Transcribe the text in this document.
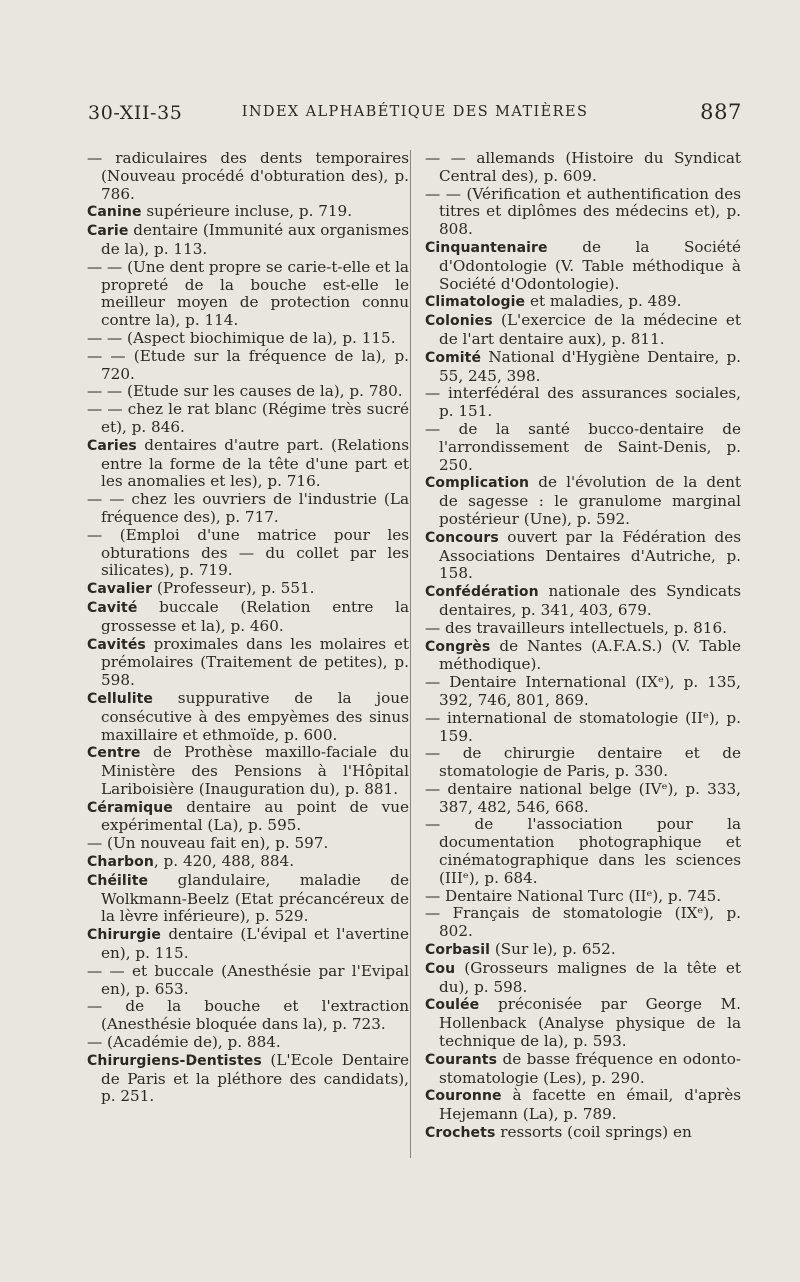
30-XII-35	INDEX ALPHABÉTIQUE DES MATIÈRES	887

— radiculaires des dents temporaires (Nouveau procédé d'obturation des), p. 786.

Canine supérieure incluse, p. 719.

Carie dentaire (Immunité aux organismes de la), p. 113.

— — (Une dent propre se carie-t-elle et la propreté de la bouche est-elle le meilleur moyen de protection connu contre la), p. 114.

— — (Aspect biochimique de la), p. 115.

— — (Etude sur la fréquence de la), p. 720.

— — (Etude sur les causes de la), p. 780.

— — chez le rat blanc (Régime très sucré et), p. 846.

Caries dentaires d'autre part. (Relations entre la forme de la tête d'une part et les anomalies et les), p. 716.

— — chez les ouvriers de l'industrie (La fréquence des), p. 717.

— (Emploi d'une matrice pour les obturations des — du collet par les silicates), p. 719.

Cavalier (Professeur), p. 551.

Cavité buccale (Relation entre la grossesse et la), p. 460.

Cavités proximales dans les molaires et prémolaires (Traitement de petites), p. 598.

Cellulite suppurative de la joue consécutive à des empyèmes des sinus maxillaire et ethmoïde, p. 600.

Centre de Prothèse maxillo-faciale du Ministère des Pensions à l'Hôpital Lariboisière (Inauguration du), p. 881.

Céramique dentaire au point de vue expérimental (La), p. 595.

— (Un nouveau fait en), p. 597.

Charbon, p. 420, 488, 884.

Chéilite glandulaire, maladie de Wolkmann-Beelz (Etat précancéreux de la lèvre inférieure), p. 529.

Chirurgie dentaire (L'évipal et l'avertine en), p. 115.

— — et buccale (Anesthésie par l'Evipal en), p. 653.

— de la bouche et l'extraction (Anesthésie bloquée dans la), p. 723.

— (Académie de), p. 884.

Chirurgiens-Dentistes (L'Ecole Dentaire de Paris et la pléthore des candidats), p. 251.

— — allemands (Histoire du Syndicat Central des), p. 609.

— — (Vérification et authentification des titres et diplômes des médecins et), p. 808.

Cinquantenaire de la Société d'Odontologie (V. Table méthodique à Société d'Odontologie).

Climatologie et maladies, p. 489.

Colonies (L'exercice de la médecine et de l'art dentaire aux), p. 811.

Comité National d'Hygiène Dentaire, p. 55, 245, 398.

— interfédéral des assurances sociales, p. 151.

— de la santé bucco-dentaire de l'arrondissement de Saint-Denis, p. 250.

Complication de l'évolution de la dent de sagesse : le granulome marginal postérieur (Une), p. 592.

Concours ouvert par la Fédération des Associations Dentaires d'Autriche, p. 158.

Confédération nationale des Syndicats dentaires, p. 341, 403, 679.

— des travailleurs intellectuels, p. 816.

Congrès de Nantes (A.F.A.S.) (V. Table méthodique).

— Dentaire International (IXᵉ), p. 135, 392, 746, 801, 869.

— international de stomatologie (IIᵉ), p. 159.

— de chirurgie dentaire et de stomatologie de Paris, p. 330.

— dentaire national belge (IVᵉ), p. 333, 387, 482, 546, 668.

— de l'association pour la documentation photographique et cinématographique dans les sciences (IIIᵉ), p. 684.

— Dentaire National Turc (IIᵉ), p. 745.

— Français de stomatologie (IXᵉ), p. 802.

Corbasil (Sur le), p. 652.

Cou (Grosseurs malignes de la tête et du), p. 598.

Coulée préconisée par George M. Hollenback (Analyse physique de la technique de la), p. 593.

Courants de basse fréquence en odonto-stomatologie (Les), p. 290.

Couronne à facette en émail, d'après Hejemann (La), p. 789.

Crochets ressorts (coil springs) en
